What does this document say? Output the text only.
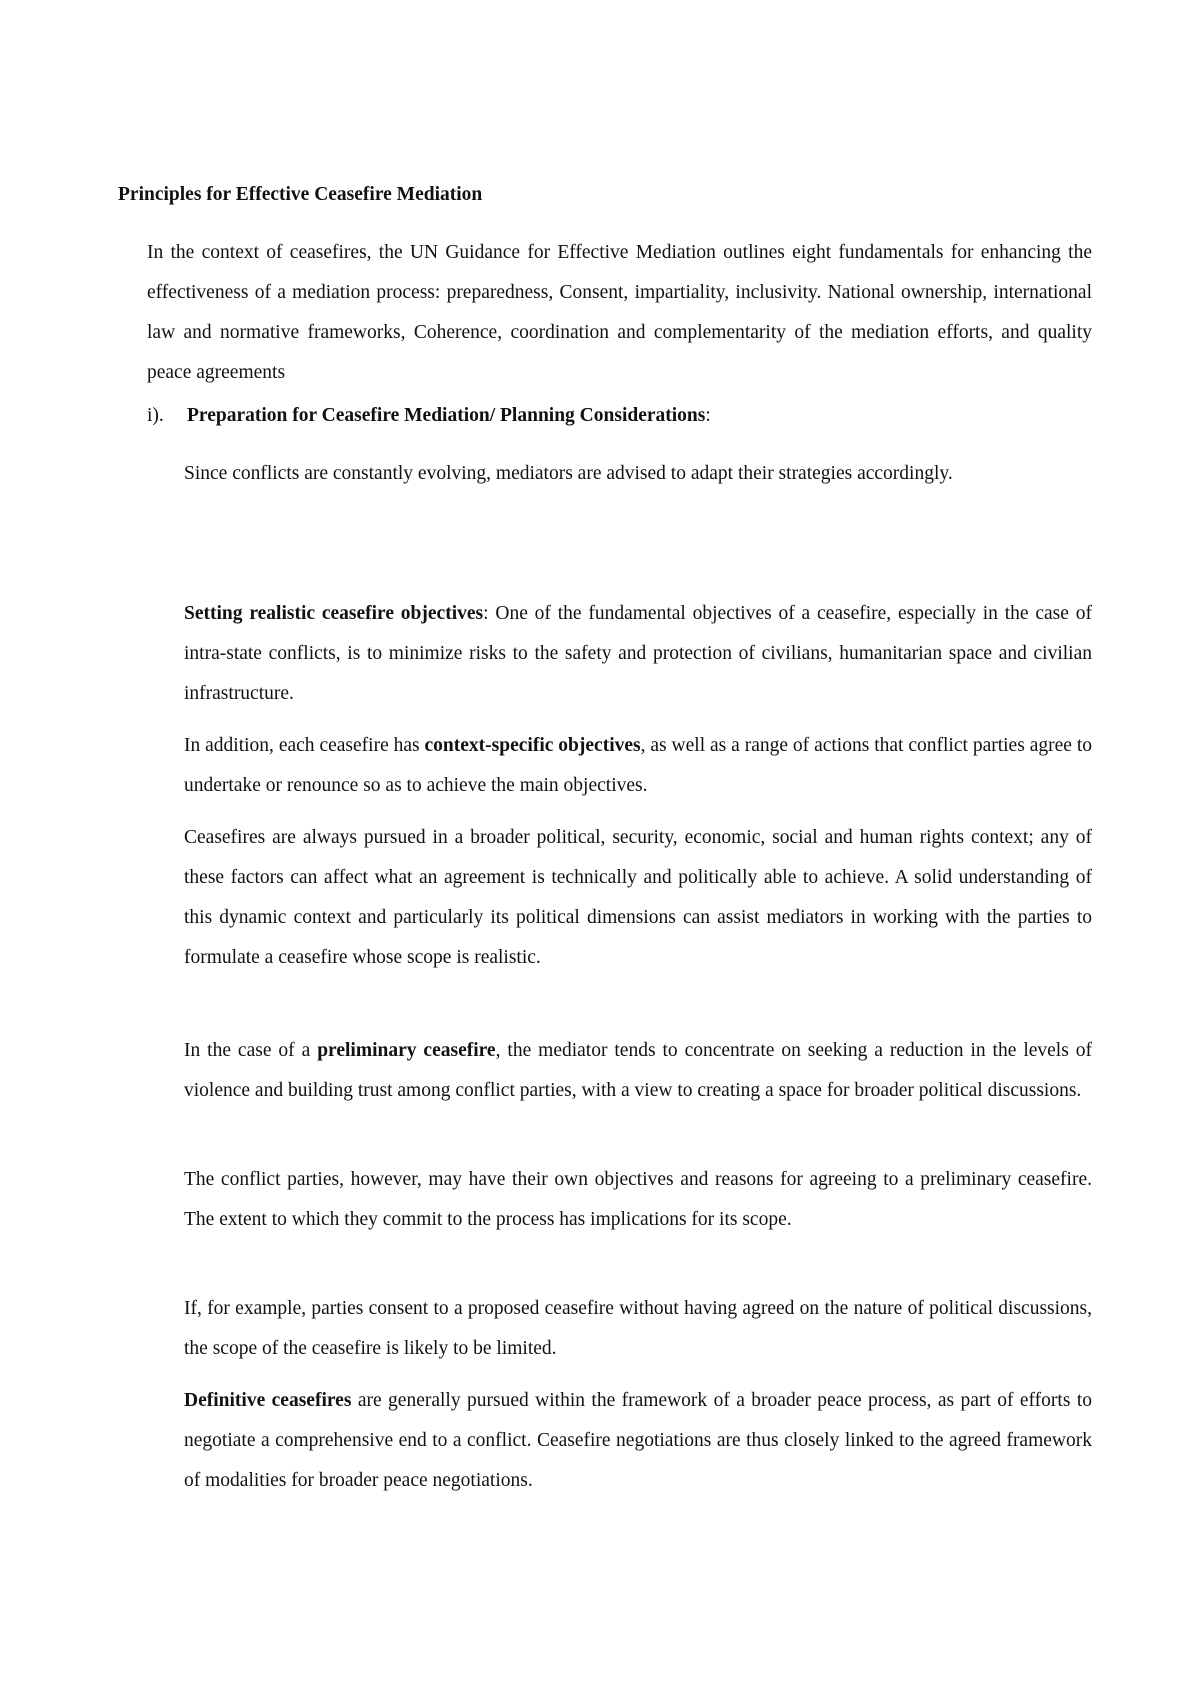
Principles for Effective Ceasefire Mediation

In the context of ceasefires, the UN Guidance for Effective Mediation outlines eight fundamentals for enhancing the effectiveness of a mediation process: preparedness, Consent, impartiality, inclusivity. National ownership, international law and normative frameworks, Coherence, coordination and complementarity of the mediation efforts, and quality peace agreements

i). Preparation for Ceasefire Mediation/ Planning Considerations:

Since conflicts are constantly evolving, mediators are advised to adapt their strategies accordingly.

Setting realistic ceasefire objectives: One of the fundamental objectives of a ceasefire, especially in the case of intra-state conflicts, is to minimize risks to the safety and protection of civilians, humanitarian space and civilian infrastructure.

In addition, each ceasefire has context-specific objectives, as well as a range of actions that conflict parties agree to undertake or renounce so as to achieve the main objectives.

Ceasefires are always pursued in a broader political, security, economic, social and human rights context; any of these factors can affect what an agreement is technically and politically able to achieve. A solid understanding of this dynamic context and particularly its political dimensions can assist mediators in working with the parties to formulate a ceasefire whose scope is realistic.

In the case of a preliminary ceasefire, the mediator tends to concentrate on seeking a reduction in the levels of violence and building trust among conflict parties, with a view to creating a space for broader political discussions.

The conflict parties, however, may have their own objectives and reasons for agreeing to a preliminary ceasefire. The extent to which they commit to the process has implications for its scope.

If, for example, parties consent to a proposed ceasefire without having agreed on the nature of political discussions, the scope of the ceasefire is likely to be limited.

Definitive ceasefires are generally pursued within the framework of a broader peace process, as part of efforts to negotiate a comprehensive end to a conflict. Ceasefire negotiations are thus closely linked to the agreed framework of modalities for broader peace negotiations.
